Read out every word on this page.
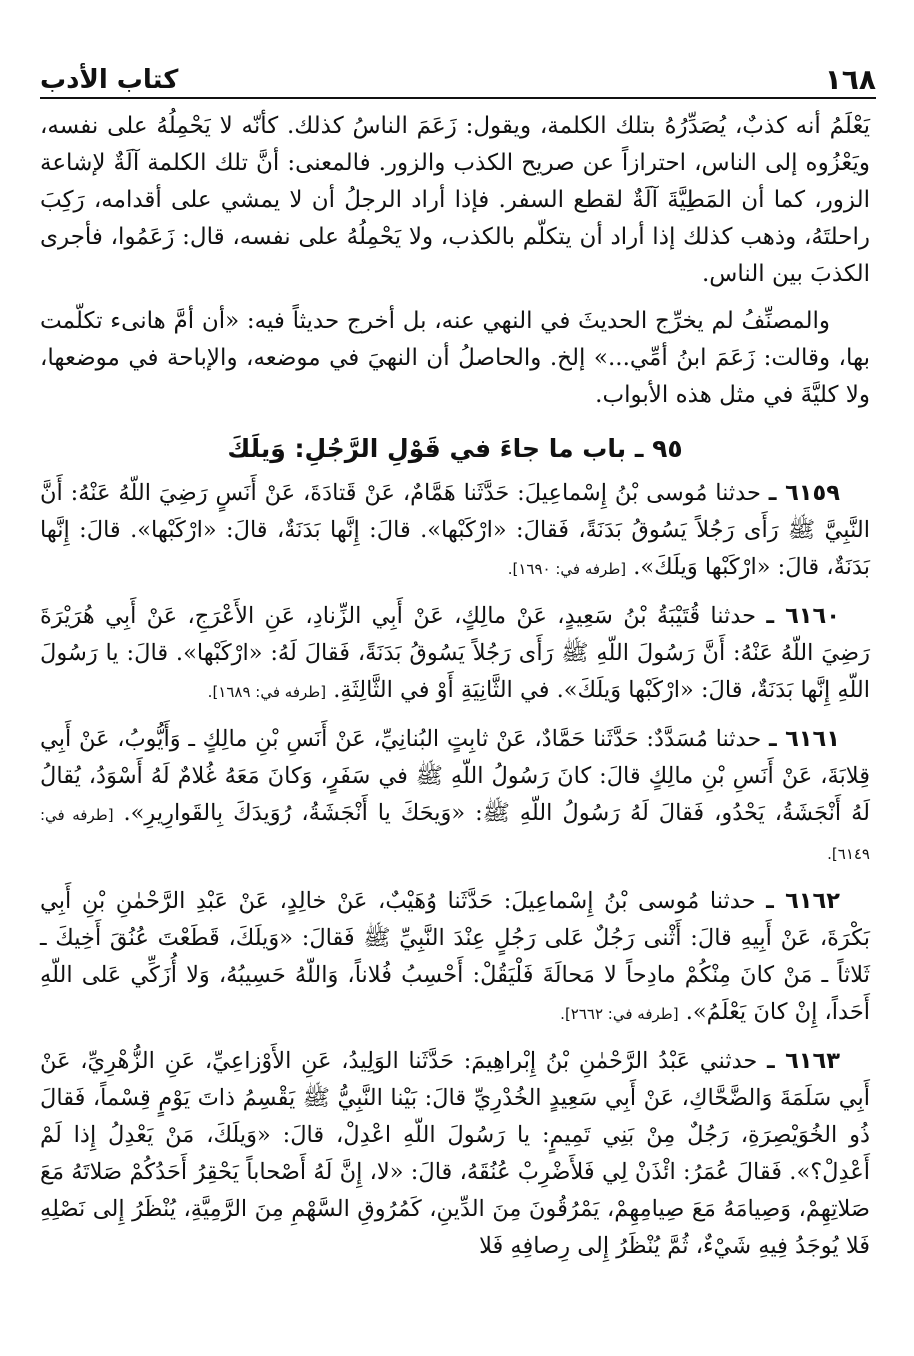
١٦٨
كتاب الأدب

يَعْلَمُ أنه كذبٌ، يُصَدِّرُهُ بتلك الكلمة، ويقول: زَعَمَ الناسُ كذلك. كأنّه لا يَحْمِلُهُ على نفسه، ويَعْزُوه إلى الناس، احترازاً عن صريح الكذب والزور. فالمعنى: أنَّ تلك الكلمة آلَةٌ لإشاعة الزور، كما أن المَطِيَّةَ آلَةٌ لقطع السفر. فإذا أراد الرجلُ أن لا يمشي على أقدامه، رَكِبَ راحلتَهُ، وذهب كذلك إذا أراد أن يتكلّم بالكذب، ولا يَحْمِلُهُ على نفسه، قال: زَعَمُوا، فأجرى الكذبَ بين الناس.

والمصنِّفُ لم يخرِّج الحديثَ في النهي عنه، بل أخرج حديثاً فيه: «أن أمَّ هانىء تكلّمت بها، وقالت: زَعَمَ ابنُ أمِّي...» إلخ. والحاصلُ أن النهيَ في موضعه، والإباحة في موضعها، ولا كليَّةَ في مثل هذه الأبواب.

٩٥ ـ باب ما جاءَ في قَوْلِ الرَّجُلِ: وَيلَكَ

٦١٥٩ ـ حدثنا مُوسى بْنُ إِسْماعِيلَ: حَدَّثَنا هَمَّامٌ، عَنْ قَتادَةَ، عَنْ أَنَسٍ رَضِيَ اللّهُ عَنْهُ: أَنَّ النَّبِيَّ ﷺ رَأَى رَجُلاً يَسُوقُ بَدَنَةً، فَقالَ: «ارْكَبْها». قالَ: إِنَّها بَدَنَةٌ، قالَ: «ارْكَبْها». قالَ: إِنَّها بَدَنَةٌ، قالَ: «ارْكَبْها وَيلَكَ». [طرفه في: ١٦٩٠].

٦١٦٠ ـ حدثنا قُتَيْبَةُ بْنُ سَعِيدٍ، عَنْ مالِكٍ، عَنْ أَبِي الزِّنادِ، عَنِ الأَعْرَجِ، عَنْ أَبِي هُرَيْرَةَ رَضِيَ اللّهُ عَنْهُ: أَنَّ رَسُولَ اللّهِ ﷺ رَأَى رَجُلاً يَسُوقُ بَدَنَةً، فَقالَ لَهُ: «ارْكَبْها». قالَ: يا رَسُولَ اللّهِ إِنَّها بَدَنَةٌ، قالَ: «ارْكَبْها وَيلَكَ». في الثَّانِيَةِ أَوْ في الثَّالِثَةِ. [طرفه في: ١٦٨٩].

٦١٦١ ـ حدثنا مُسَدَّدٌ: حَدَّثَنا حَمَّادٌ، عَنْ ثابِتٍ البُنانِيِّ، عَنْ أَنَسِ بْنِ مالِكٍ ـ وَأَيُّوبُ، عَنْ أَبِي قِلابَةَ، عَنْ أَنَسِ بْنِ مالِكٍ قالَ: كانَ رَسُولُ اللّهِ ﷺ في سَفَرٍ، وَكانَ مَعَهُ غُلامٌ لَهُ أَسْوَدُ، يُقالُ لَهُ أَنْجَشَةُ، يَحْدُو، فَقالَ لَهُ رَسُولُ اللّهِ ﷺ: «وَيحَكَ يا أَنْجَشَةُ، رُوَيدَكَ بِالقَوارِيرِ». [طرفه في: ٦١٤٩].

٦١٦٢ ـ حدثنا مُوسى بْنُ إِسْماعِيلَ: حَدَّثَنا وُهَيْبٌ، عَنْ خالِدٍ، عَنْ عَبْدِ الرَّحْمٰنِ بْنِ أَبِي بَكْرَةَ، عَنْ أَبِيهِ قالَ: أَثْنى رَجُلٌ عَلى رَجُلٍ عِنْدَ النَّبِيِّ ﷺ فَقالَ: «وَيلَكَ، قَطَعْتَ عُنُقَ أَخِيكَ ـ ثَلاثاً ـ مَنْ كانَ مِنْكُمْ مادِحاً لا مَحالَةَ فَلْيَقُلْ: أَحْسِبُ فُلاناً، وَاللّهُ حَسِيبُهُ، وَلا أُزَكِّي عَلى اللّهِ أَحَداً، إِنْ كانَ يَعْلَمُ». [طرفه في: ٢٦٦٢].

٦١٦٣ ـ حدثني عَبْدُ الرَّحْمٰنِ بْنُ إِبْراهِيمَ: حَدَّثَنا الوَلِيدُ، عَنِ الأَوْزاعِيِّ، عَنِ الزُّهْرِيِّ، عَنْ أَبِي سَلَمَةَ وَالضَّحَّاكِ، عَنْ أَبِي سَعِيدٍ الخُدْرِيِّ قالَ: بَيْنا النَّبِيُّ ﷺ يَقْسِمُ ذاتَ يَوْمٍ قِسْماً، فَقالَ ذُو الخُوَيْصِرَةِ، رَجُلٌ مِنْ بَنِي تَمِيمٍ: يا رَسُولَ اللّهِ اعْدِلْ، قالَ: «وَيلَكَ، مَنْ يَعْدِلُ إِذا لَمْ أَعْدِلْ؟». فَقالَ عُمَرُ: ائْذَنْ لِي فَلأَضْرِبْ عُنُقَهُ، قالَ: «لا، إِنَّ لَهُ أَصْحاباً يَحْقِرُ أَحَدُكُمْ صَلاتَهُ مَعَ صَلاتِهِمْ، وَصِيامَهُ مَعَ صِيامِهِمْ، يَمْرُقُونَ مِنَ الدِّينِ، كَمُرُوقِ السَّهْمِ مِنَ الرَّمِيَّةِ، يُنْظَرُ إِلى نَصْلِهِ فَلا يُوجَدُ فِيهِ شَيْءٌ، ثُمَّ يُنْظَرُ إِلى رِصافِهِ فَلا
